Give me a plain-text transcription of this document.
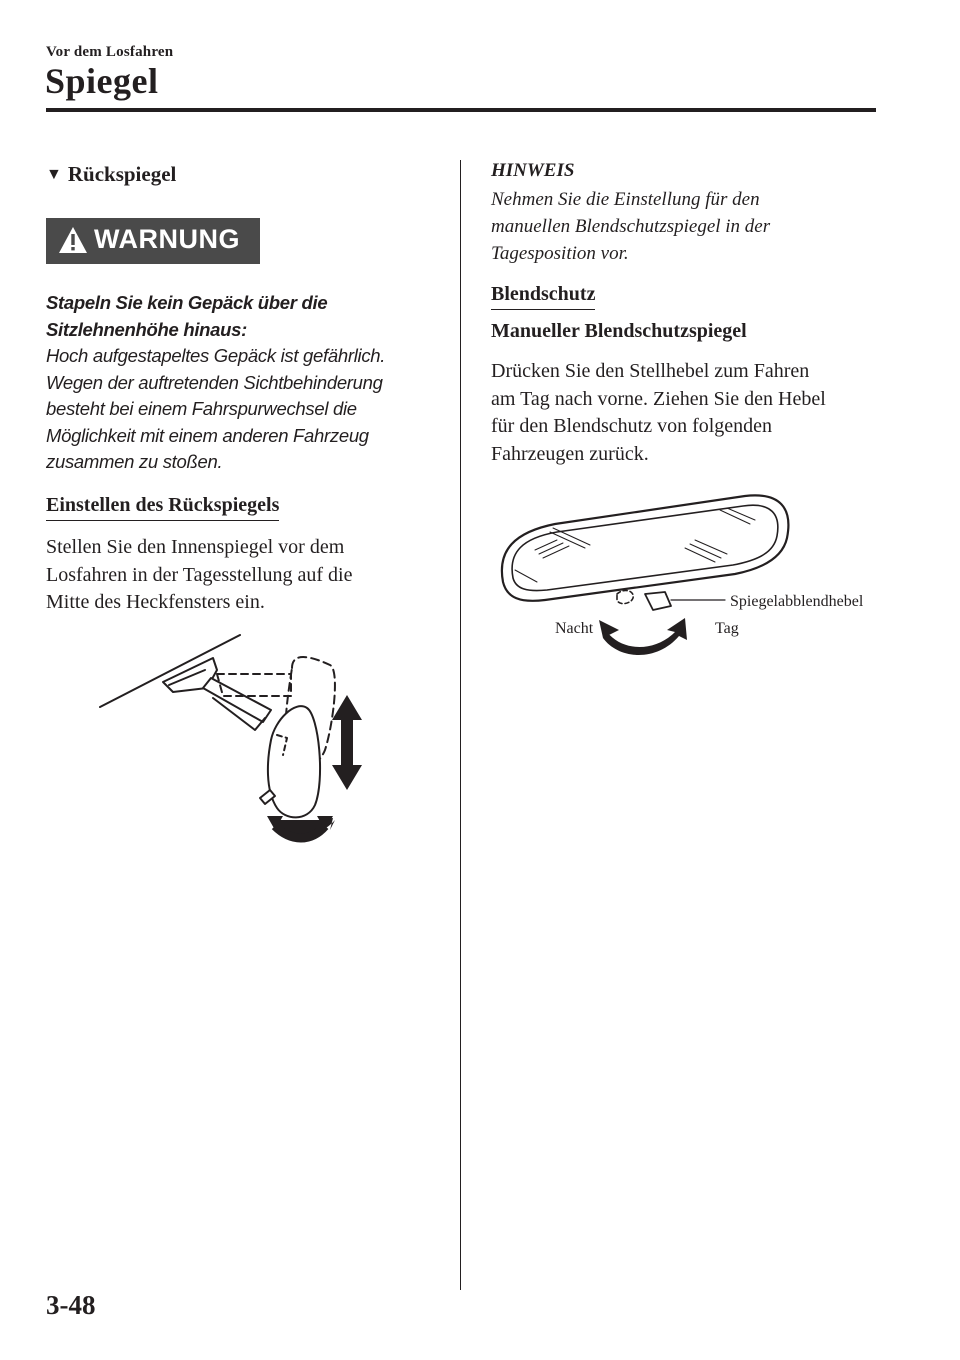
Vor dem Losfahren
Spiegel
▼ Rückspiegel
WARNUNG
Stapeln Sie kein Gepäck über die
Sitzlehnenhöhe hinaus:
Hoch aufgestapeltes Gepäck ist gefährlich.
Wegen der auftretenden Sichtbehinderung
besteht bei einem Fahrspurwechsel die
Möglichkeit mit einem anderen Fahrzeug
zusammen zu stoßen.
Einstellen des Rückspiegels
Stellen Sie den Innenspiegel vor dem
Losfahren in der Tagesstellung auf die
Mitte des Heckfensters ein.
HINWEIS
Nehmen Sie die Einstellung für den
manuellen Blendschutzspiegel in der
Tagesposition vor.
Blendschutz
Manueller Blendschutzspiegel
Drücken Sie den Stellhebel zum Fahren
am Tag nach vorne. Ziehen Sie den Hebel
für den Blendschutz von folgenden
Fahrzeugen zurück.
Spiegelabblendhebel
Nacht	Tag
3-48
